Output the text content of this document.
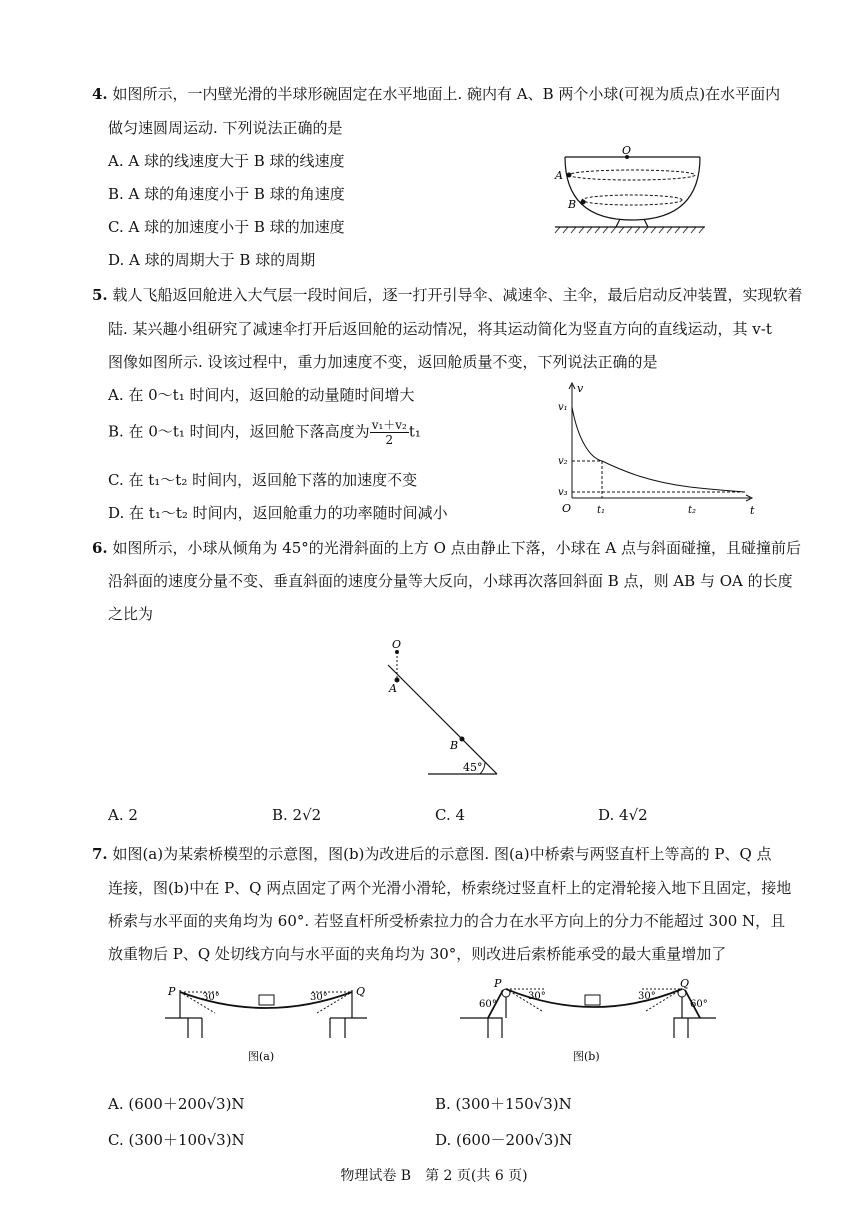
4. 如图所示，一内壁光滑的半球形碗固定在水平地面上. 碗内有 A、B 两个小球(可视为质点)在水平面内
做匀速圆周运动. 下列说法正确的是
A. A 球的线速度大于 B 球的线速度
B. A 球的角速度小于 B 球的角速度
C. A 球的加速度小于 B 球的加速度
D. A 球的周期大于 B 球的周期
O
A
B
5. 载人飞船返回舱进入大气层一段时间后，逐一打开引导伞、减速伞、主伞，最后启动反冲装置，实现软着
陆. 某兴趣小组研究了减速伞打开后返回舱的运动情况，将其运动简化为竖直方向的直线运动，其 v-t
图像如图所示. 设该过程中，重力加速度不变，返回舱质量不变，下列说法正确的是
A. 在 0～t₁ 时间内，返回舱的动量随时间增大
B. 在 0～t₁ 时间内，返回舱下落高度为 $\frac{\text{v₁＋v₂}}{2} t_1$
C. 在 t₁～t₂ 时间内，返回舱下落的加速度不变
D. 在 t₁～t₂ 时间内，返回舱重力的功率随时间减小
v
t
O
v₁
v₂
v₃
t₁	t₂
6. 如图所示，小球从倾角为 45°的光滑斜面的上方 O 点由静止下落，小球在 A 点与斜面碰撞，且碰撞前后
沿斜面的速度分量不变、垂直斜面的速度分量等大反向，小球再次落回斜面 B 点，则 AB 与 OA 的长度
之比为
O
A
B
45°
A. 2	B. 2√2	C. 4	D. 4√2
7. 如图(a)为某索桥模型的示意图，图(b)为改进后的示意图. 图(a)中桥索与两竖直杆上等高的 P、Q 点
连接，图(b)中在 P、Q 两点固定了两个光滑小滑轮，桥索绕过竖直杆上的定滑轮接入地下且固定，接地
桥索与水平面的夹角均为 60°. 若竖直杆所受桥索拉力的合力在水平方向上的分力不能超过 300 N，且
放重物后 P、Q 处切线方向与水平面的夹角均为 30°，则改进后索桥能承受的最大重量增加了
P	Q
30°	30°
图(a)
P	Q
60°
30°	30°
60°
图(b)
A. (600＋200√3)N	B. (300＋150√3)N
C. (300＋100√3)N	D. (600－200√3)N
物理试卷 B　第 2 页(共 6 页)
